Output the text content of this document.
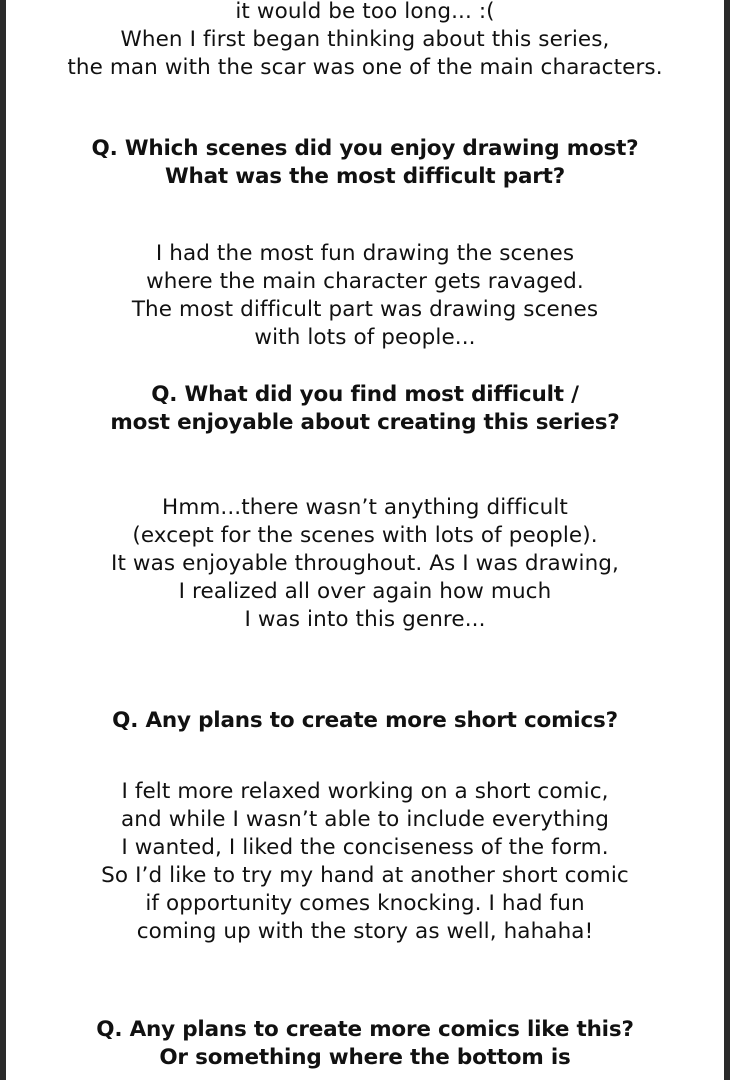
it would be too long... :(
When I first began thinking about this series,
the man with the scar was one of the main characters.
Q. Which scenes did you enjoy drawing most?
What was the most difficult part?
I had the most fun drawing the scenes
where the main character gets ravaged.
The most difficult part was drawing scenes
with lots of people...
Q. What did you find most difficult /
most enjoyable about creating this series?
Hmm...there wasn’t anything difficult
(except for the scenes with lots of people).
It was enjoyable throughout. As I was drawing,
I realized all over again how much
I was into this genre...
Q. Any plans to create more short comics?
I felt more relaxed working on a short comic,
and while I wasn’t able to include everything
I wanted, I liked the conciseness of the form.
So I’d like to try my hand at another short comic
if opportunity comes knocking. I had fun
coming up with the story as well, hahaha!
Q. Any plans to create more comics like this?
Or something where the bottom is
